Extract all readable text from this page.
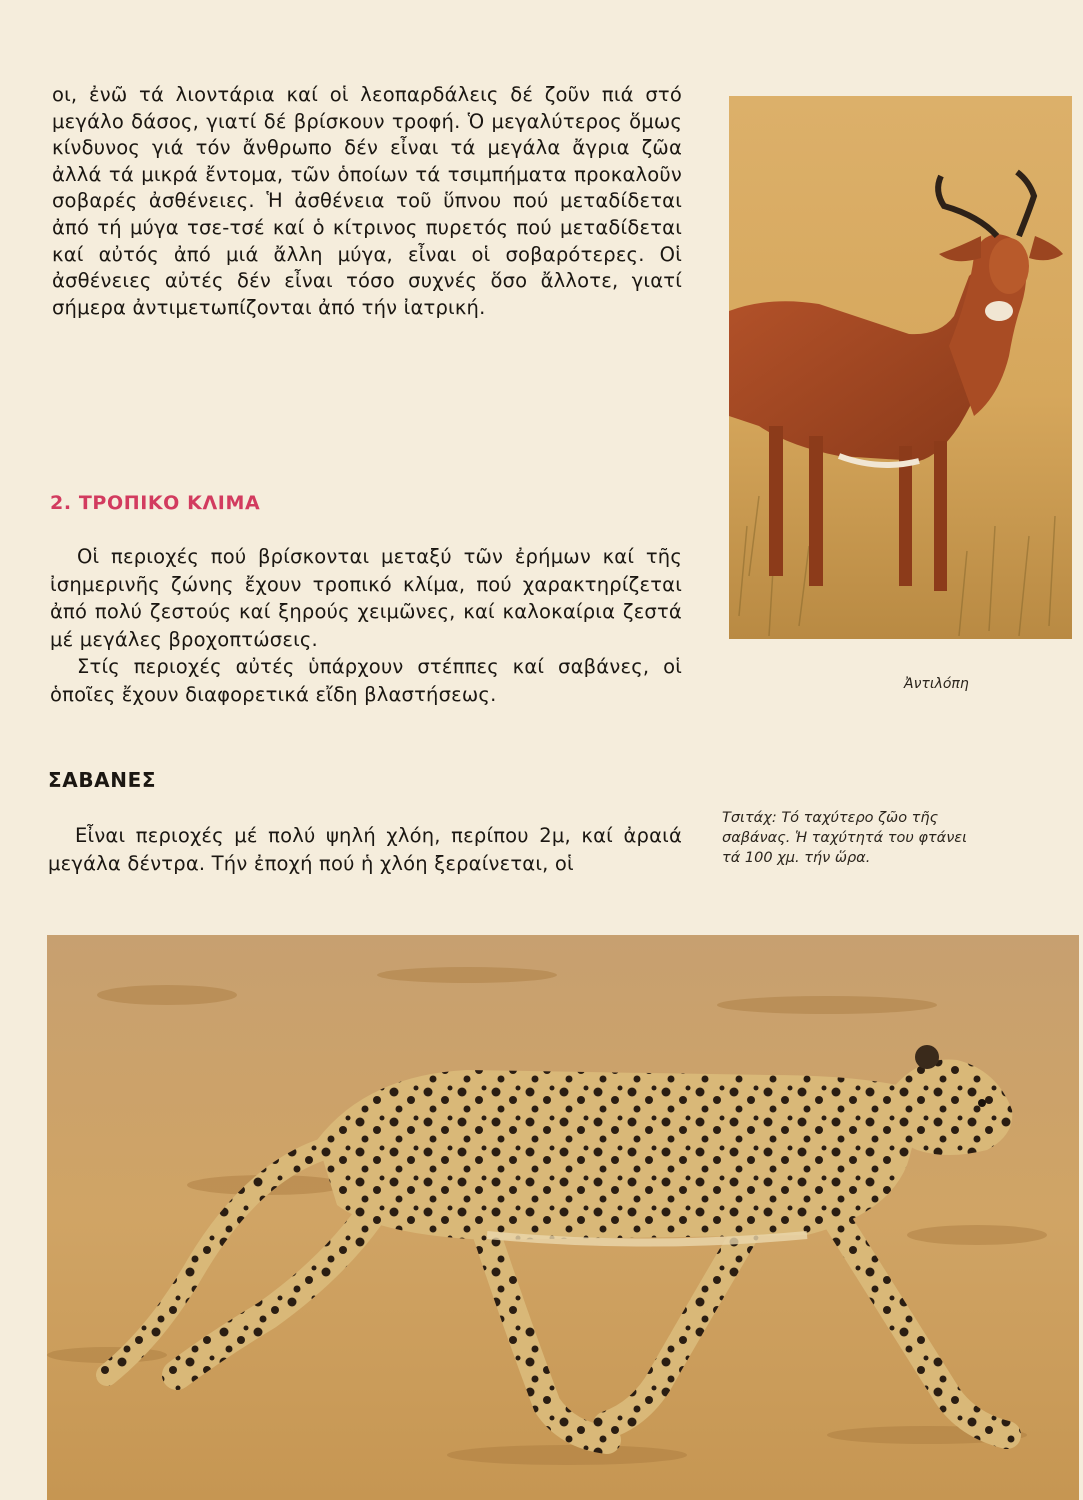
οι, ἐνῶ τά λιοντάρια καί οἱ λεοπαρδάλεις δέ ζοῦν πιά στό μεγάλο δάσος, γιατί δέ βρίσκουν τροφή. Ὁ μεγαλύτερος ὅμως κίνδυνος γιά τόν ἄνθρωπο δέν εἶναι τά μεγάλα ἄγρια ζῶα ἀλλά τά μικρά ἔντομα, τῶν ὁποίων τά τσιμπήματα προκαλοῦν σοβαρές ἀσθένειες. Ἡ ἀσθένεια τοῦ ὕπνου πού μεταδίδεται ἀπό τή μύγα τσε-τσέ καί ὁ κίτρινος πυρετός πού μεταδίδεται καί αὐτός ἀπό μιά ἄλλη μύγα, εἶναι οἱ σοβαρότερες. Οἱ ἀσθένειες αὐτές δέν εἶναι τόσο συχνές ὅσο ἄλλοτε, γιατί σήμερα ἀντιμετωπίζονται ἀπό τήν ἰατρική.

Ἀντιλόπη
2. ΤΡΟΠΙΚΟ ΚΛΙΜΑ

Οἱ περιοχές πού βρίσκονται μεταξύ τῶν ἐρήμων καί τῆς ἰσημερινῆς ζώνης ἔχουν τροπικό κλίμα, πού χαρακτηρίζεται ἀπό πολύ ζεστούς καί ξηρούς χειμῶνες, καί καλοκαίρια ζεστά μέ μεγάλες βροχοπτώσεις.

Στίς περιοχές αὐτές ὑπάρχουν στέππες καί σαβάνες, οἱ ὁποῖες ἔχουν διαφορετικά εἴδη βλαστήσεως.

ΣΑΒΑΝΕΣ

Εἶναι περιοχές μέ πολύ ψηλή χλόη, περίπου 2μ, καί ἀραιά μεγάλα δέντρα. Τήν ἐποχή πού ἡ χλόη ξεραίνεται, οἱ

Τσιτάχ: Τό ταχύτερο ζῶο τῆς σαβάνας. Ἡ ταχύτητά του φτάνει τά 100 χμ. τήν ὥρα.
